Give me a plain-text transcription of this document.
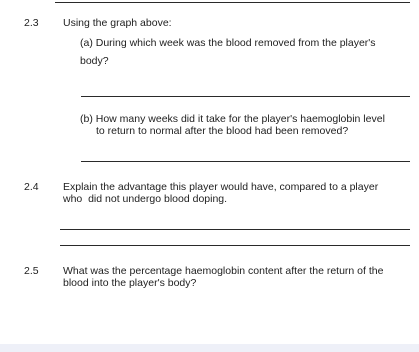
2.3 Using the graph above:
(a) During which week was the blood removed from the player's
body?
(b) How many weeks did it take for the player's haemoglobin level
to return to normal after the blood had been removed?
2.4 Explain the advantage this player would have, compared to a player
who  did not undergo blood doping.
2.5 What was the percentage haemoglobin content after the return of the
blood into the player's body?
